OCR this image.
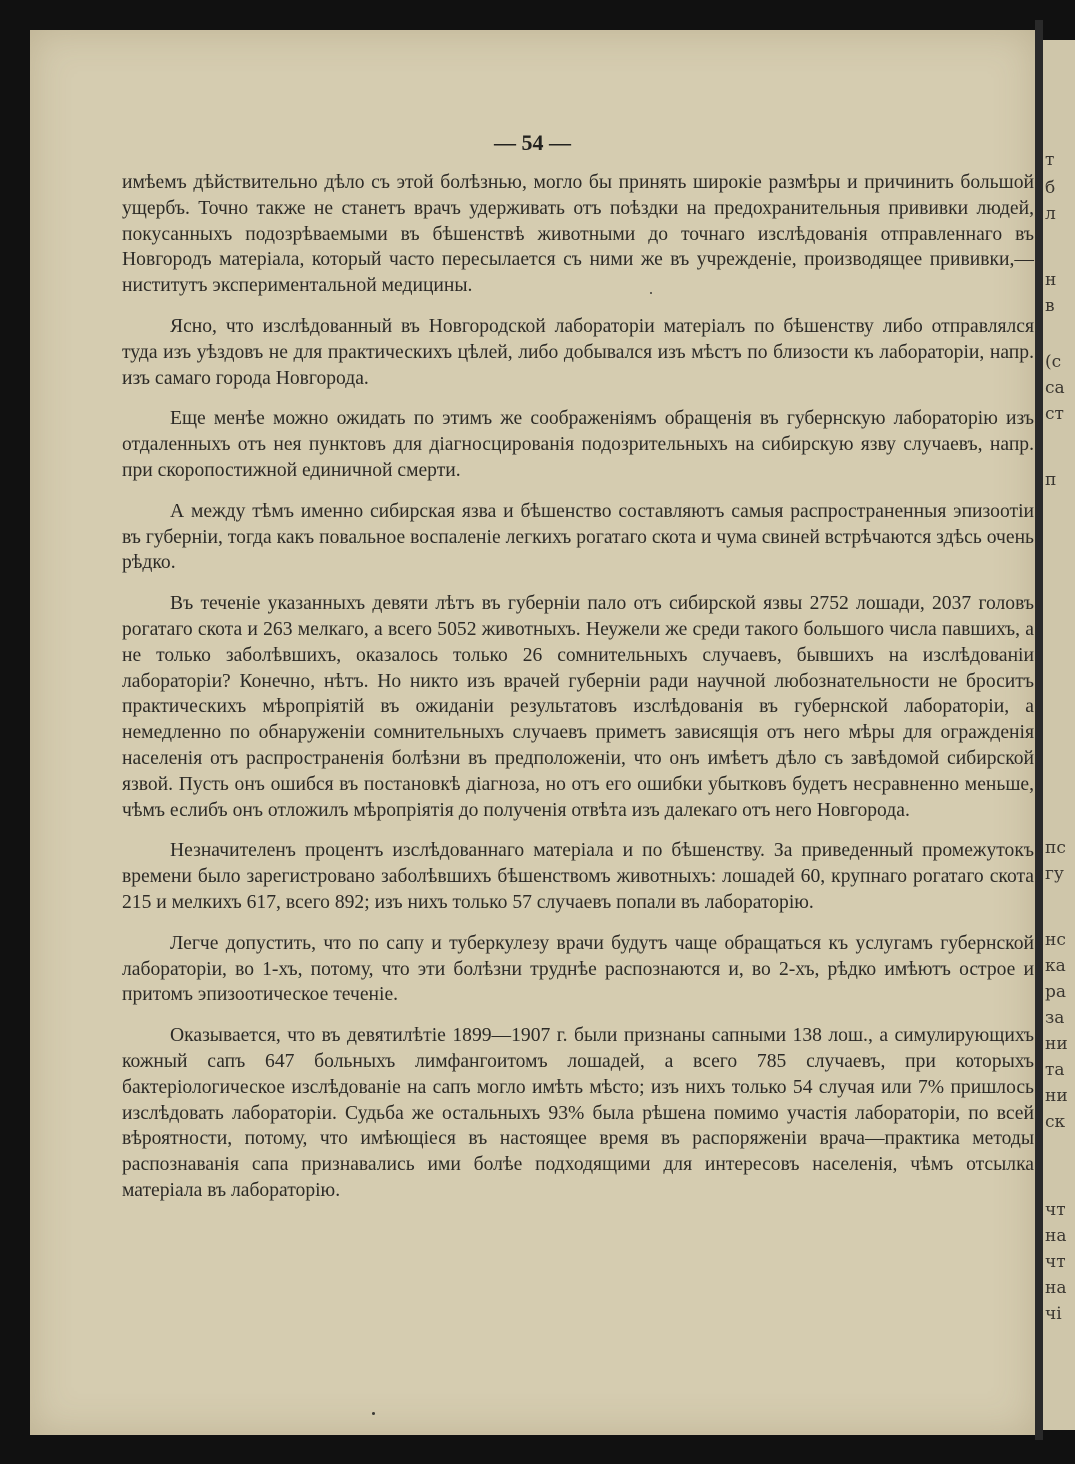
— 54 —

имѣемъ дѣйствительно дѣло съ этой болѣзнью, могло бы принять широкіе размѣры и причинить большой ущербъ. Точно также не станетъ врачъ удерживать отъ поѣздки на предохранительныя прививки людей, покусанныхъ подозрѣваемыми въ бѣшенствѣ животными до точнаго изслѣдованія отправленнаго въ Новгородъ матеріала, который часто пересылается съ ними же въ учрежденіе, производящее прививки,—ниститутъ экспериментальной медицины.

Ясно, что изслѣдованный въ Новгородской лабораторіи матеріалъ по бѣшенству либо отправлялся туда изъ уѣздовъ не для практическихъ цѣлей, либо добывался изъ мѣстъ по близости къ лабораторіи, напр. изъ самаго города Новгорода.

Еще менѣе можно ожидать по этимъ же соображеніямъ обращенія въ губернскую лабораторію изъ отдаленныхъ отъ нея пунктовъ для діагносцированія подозрительныхъ на сибирскую язву случаевъ, напр. при скоропостижной единичной смерти.

А между тѣмъ именно сибирская язва и бѣшенство составляютъ самыя распространенныя эпизоотіи въ губерніи, тогда какъ повальное воспаленіе легкихъ рогатаго скота и чума свиней встрѣчаются здѣсь очень рѣдко.

Въ теченіе указанныхъ девяти лѣтъ въ губерніи пало отъ сибирской язвы 2752 лошади, 2037 головъ рогатаго скота и 263 мелкаго, а всего 5052 животныхъ. Неужели же среди такого большого числа павшихъ, а не только заболѣвшихъ, оказалось только 26 сомнительныхъ случаевъ, бывшихъ на изслѣдованіи лабораторіи? Конечно, нѣтъ. Но никто изъ врачей губерніи ради научной любознательности не броситъ практическихъ мѣропріятій въ ожиданіи результатовъ изслѣдованія въ губернской лабораторіи, а немедленно по обнаруженіи сомнительныхъ случаевъ приметъ зависящія отъ него мѣры для огражденія населенія отъ распространенія болѣзни въ предположеніи, что онъ имѣетъ дѣло съ завѣдомой сибирской язвой. Пусть онъ ошибся въ постановкѣ діагноза, но отъ его ошибки убытковъ будетъ несравненно меньше, чѣмъ еслибъ онъ отложилъ мѣропріятія до полученія отвѣта изъ далекаго отъ него Новгорода.

Незначителенъ процентъ изслѣдованнаго матеріала и по бѣшенству. За приведенный промежутокъ времени было зарегистровано заболѣвшихъ бѣшенствомъ животныхъ: лошадей 60, крупнаго рогатаго скота 215 и мелкихъ 617, всего 892; изъ нихъ только 57 случаевъ попали въ лабораторію.

Легче допустить, что по сапу и туберкулезу врачи будутъ чаще обращаться къ услугамъ губернской лабораторіи, во 1-хъ, потому, что эти болѣзни труднѣе распознаются и, во 2-хъ, рѣдко имѣютъ острое и притомъ эпизоотическое теченіе.

Оказывается, что въ девятилѣтіе 1899—1907 г. были признаны сапными 138 лош., а симулирующихъ кожный сапъ 647 больныхъ лимфангоитомъ лошадей, а всего 785 случаевъ, при которыхъ бактеріологическое изслѣдованіе на сапъ могло имѣть мѣсто; изъ нихъ только 54 случая или 7% пришлось изслѣдовать лабораторіи. Судьба же остальныхъ 93% была рѣшена помимо участія лабораторіи, по всей вѣроятности, потому, что имѣющіеся въ настоящее время въ распоряженіи врача—практика методы распознаванія сапа признавались ими болѣе подходящими для интересовъ населенія, чѣмъ отсылка матеріала въ лабораторію.

т
б
л
н
в
(с
са
ст
п
пс
гу
нс
ка
ра
за
ни
та
ни
ск
чт
на
чт
на
чі
